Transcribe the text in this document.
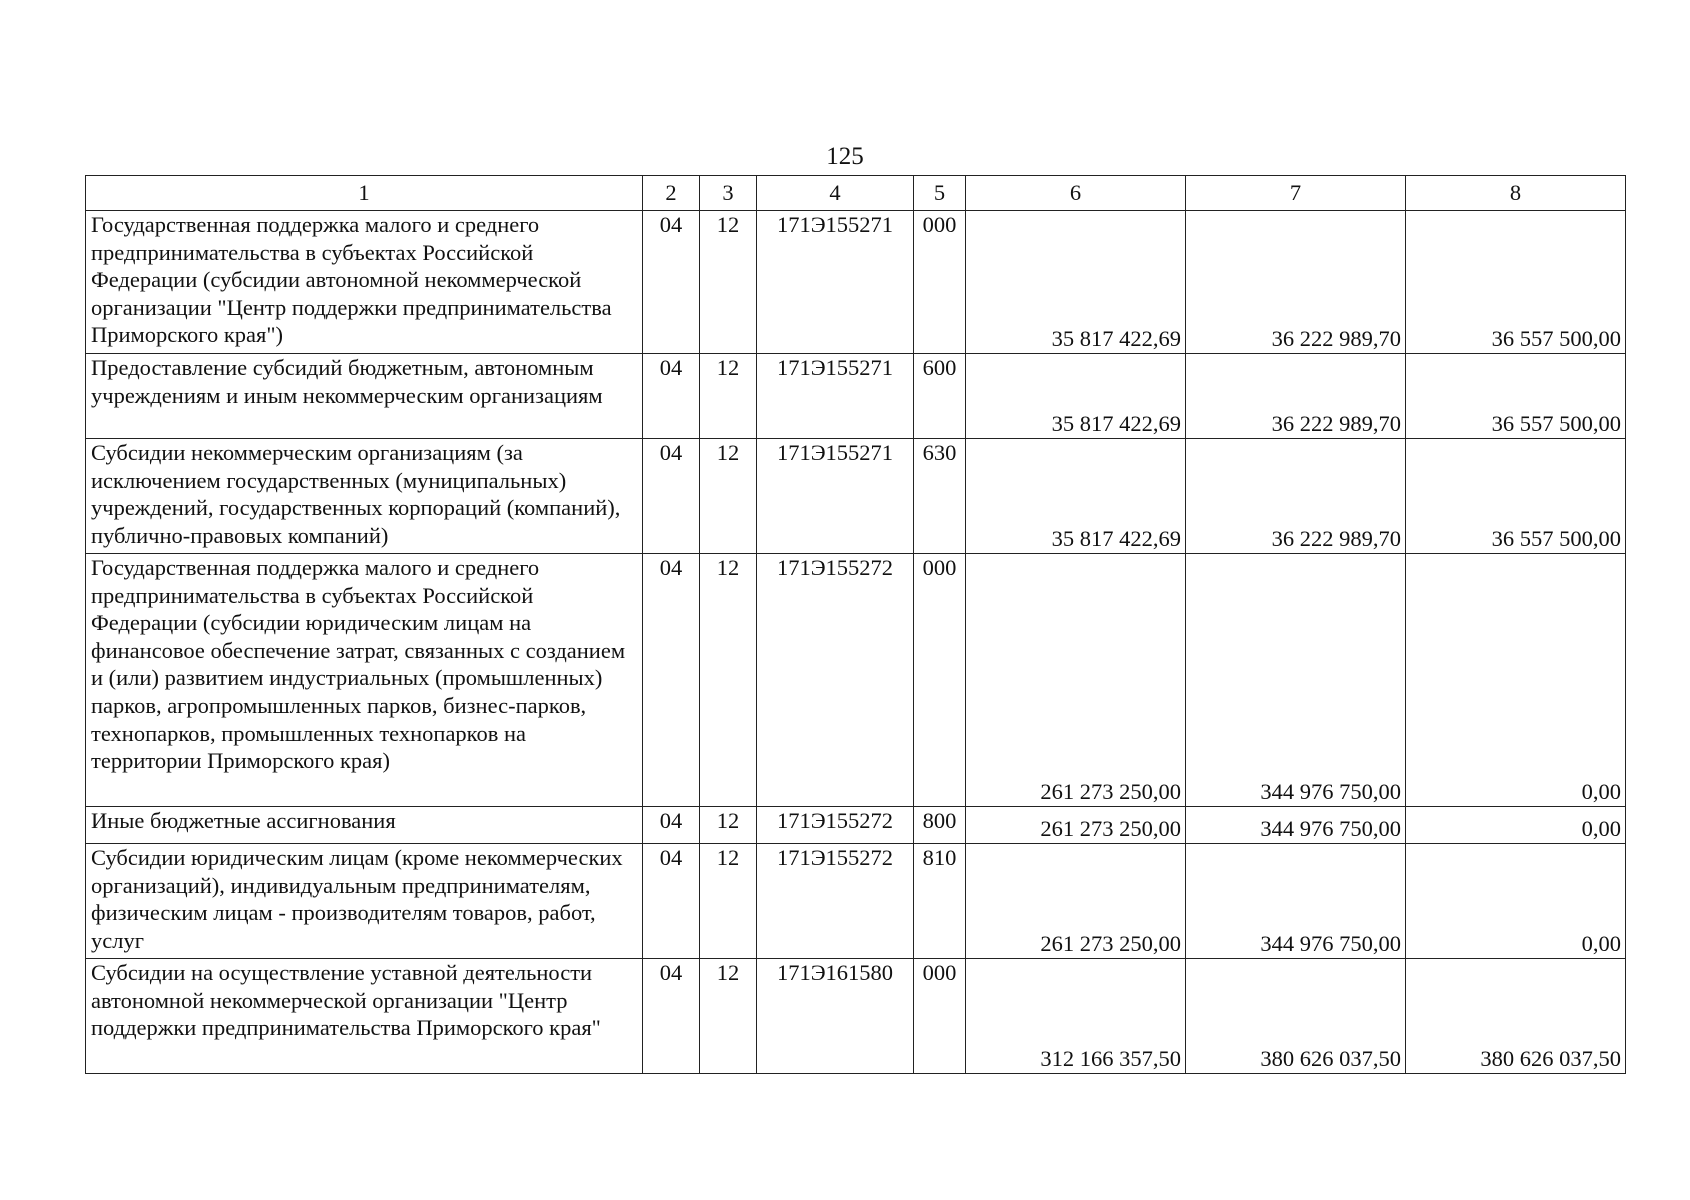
125
1	2	3	4	5	6	7	8
Государственная поддержка малого и среднего предпринимательства в субъектах Российской Федерации (субсидии автономной некоммерческой организации "Центр поддержки предпринимательства Приморского края")	04	12	171Э155271	000	35 817 422,69	36 222 989,70	36 557 500,00
Предоставление субсидий бюджетным, автономным учреждениям и иным некоммерческим организациям	04	12	171Э155271	600	35 817 422,69	36 222 989,70	36 557 500,00
Субсидии некоммерческим организациям (за исключением государственных (муниципальных) учреждений, государственных корпораций (компаний), публично-правовых компаний)	04	12	171Э155271	630	35 817 422,69	36 222 989,70	36 557 500,00
Государственная поддержка малого и среднего предпринимательства в субъектах Российской Федерации (субсидии юридическим лицам на финансовое обеспечение затрат, связанных с созданием и (или) развитием индустриальных (промышленных) парков, агропромышленных парков, бизнес-парков, технопарков, промышленных технопарков на территории Приморского края)	04	12	171Э155272	000	261 273 250,00	344 976 750,00	0,00
Иные бюджетные ассигнования	04	12	171Э155272	800	261 273 250,00	344 976 750,00	0,00
Субсидии юридическим лицам (кроме некоммерческих организаций), индивидуальным предпринимателям, физическим лицам - производителям товаров, работ, услуг	04	12	171Э155272	810	261 273 250,00	344 976 750,00	0,00
Субсидии на осуществление уставной деятельности автономной некоммерческой организации "Центр поддержки предпринимательства Приморского края"	04	12	171Э161580	000	312 166 357,50	380 626 037,50	380 626 037,50
